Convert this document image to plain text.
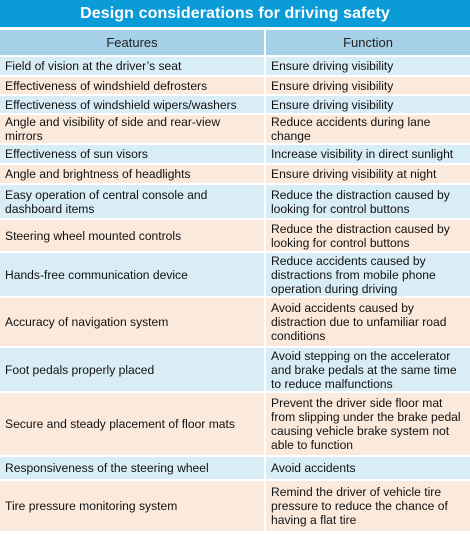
Design considerations for driving safety
Features	Function
Field of vision at the driver’s seat	Ensure driving visibility
Effectiveness of windshield defrosters	Ensure driving visibility
Effectiveness of windshield wipers/washers	Ensure driving visibility
Angle and visibility of side and rear-view mirrors	Reduce accidents during lane change
Effectiveness of sun visors	Increase visibility in direct sunlight
Angle and brightness of headlights	Ensure driving visibility at night
Easy operation of central console and dashboard items	Reduce the distraction caused by looking for control buttons
Steering wheel mounted controls	Reduce the distraction caused by looking for control buttons
Hands-free communication device	Reduce accidents caused by distractions from mobile phone operation during driving
Accuracy of navigation system	Avoid accidents caused by distraction due to unfamiliar road conditions
Foot pedals properly placed	Avoid stepping on the accelerator and brake pedals at the same time to reduce malfunctions
Secure and steady placement of floor mats	Prevent the driver side floor mat from slipping under the brake pedal causing vehicle brake system not able to function
Responsiveness of the steering wheel	Avoid accidents
Tire pressure monitoring system	Remind the driver of vehicle tire pressure to reduce the chance of having a flat tire
